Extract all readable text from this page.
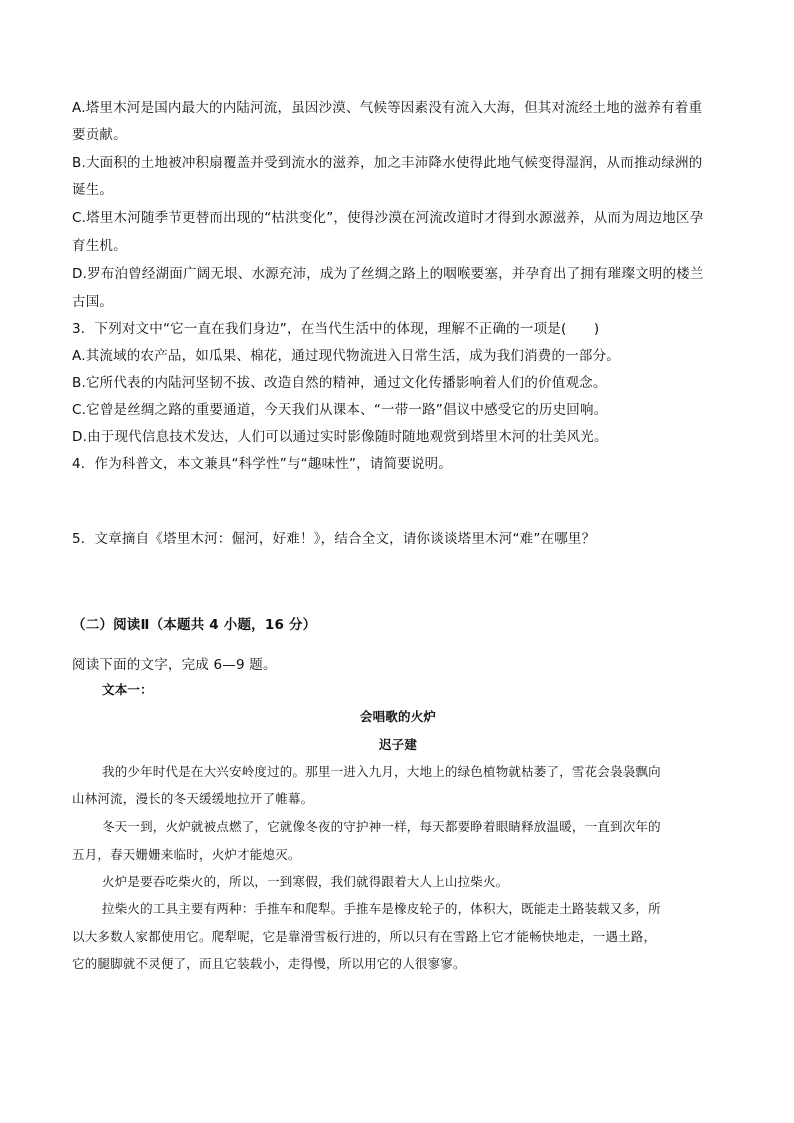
A.塔里木河是国内最大的内陆河流，虽因沙漠、气候等因素没有流入大海，但其对流经土地的滋养有着重
要贡献。
B.大面积的土地被冲积扇覆盖并受到流水的滋养，加之丰沛降水使得此地气候变得湿润，从而推动绿洲的
诞生。
C.塔里木河随季节更替而出现的“枯洪变化”，使得沙漠在河流改道时才得到水源滋养，从而为周边地区孕
育生机。
D.罗布泊曾经湖面广阔无垠、水源充沛，成为了丝绸之路上的咽喉要塞，并孕育出了拥有璀璨文明的楼兰
古国。
3．下列对文中“它一直在我们身边”，在当代生活中的体现，理解不正确的一项是(　　)
A.其流域的农产品，如瓜果、棉花，通过现代物流进入日常生活，成为我们消费的一部分。
B.它所代表的内陆河坚韧不拔、改造自然的精神，通过文化传播影响着人们的价值观念。
C.它曾是丝绸之路的重要通道，今天我们从课本、“一带一路”倡议中感受它的历史回响。
D.由于现代信息技术发达，人们可以通过实时影像随时随地观赏到塔里木河的壮美风光。
4．作为科普文，本文兼具“科学性”与“趣味性”，请简要说明。
5．文章摘自《塔里木河：倔河，好难！》，结合全文，请你谈谈塔里木河“难”在哪里？
（二）阅读Ⅱ（本题共 4 小题，16 分）
阅读下面的文字，完成 6—9 题。
文本一：
会唱歌的火炉
迟子建
我的少年时代是在大兴安岭度过的。那里一进入九月，大地上的绿色植物就枯萎了，雪花会袅袅飘向
山林河流，漫长的冬天缓缓地拉开了帷幕。
冬天一到，火炉就被点燃了，它就像冬夜的守护神一样，每天都要睁着眼睛释放温暖，一直到次年的
五月，春天姗姗来临时，火炉才能熄灭。
火炉是要吞吃柴火的，所以，一到寒假，我们就得跟着大人上山拉柴火。
拉柴火的工具主要有两种：手推车和爬犁。手推车是橡皮轮子的，体积大，既能走土路装载又多，所
以大多数人家都使用它。爬犁呢，它是靠滑雪板行进的，所以只有在雪路上它才能畅快地走，一遇土路，
它的腿脚就不灵便了，而且它装载小，走得慢，所以用它的人很寥寥。
